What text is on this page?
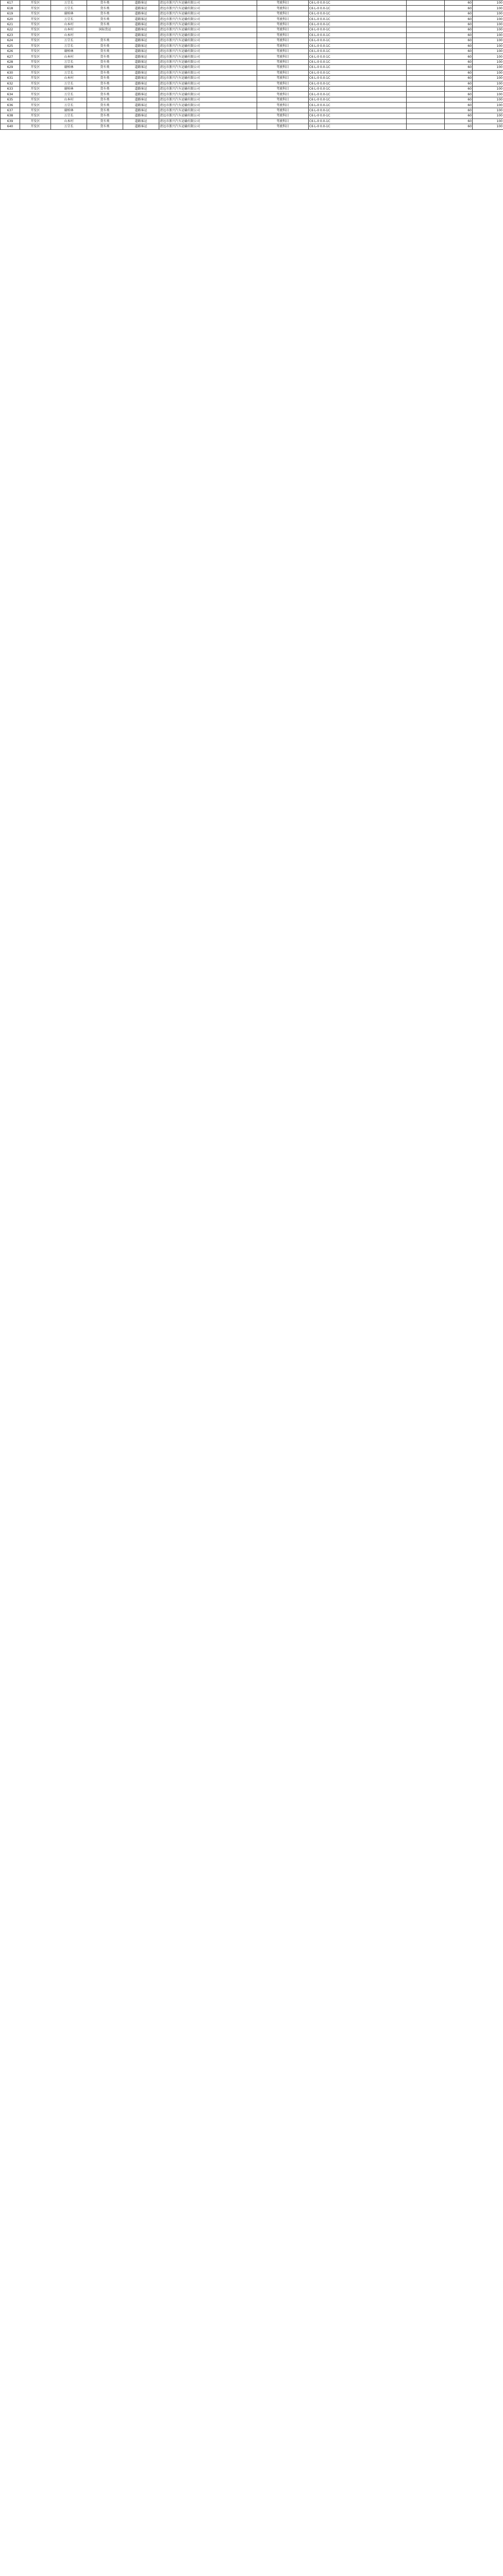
617	开发区	万宗长	货车类	道路客运	清远市浙兴汽车运输有限公司	驾驶科目	C6 L-0 0.0-1C		60	100
618	开发区	万宗长	货车类	道路客运	清远市浙兴汽车运输有限公司	驾驶科目	C6 L-0 0.0-1C		60	100
619	开发区	谢柏林	货车类	道路客运	清远市浙兴汽车运输有限公司	驾驶科目	C6 L-0 0.0-1C		60	100
620	开发区	万宗长	货车类	道路客运	清远市浙兴汽车运输有限公司	驾驶科目	C6 L-0 0.0-1C		60	100
621	开发区	山本村	货车类	道路客运	清远市浙兴汽车运输有限公司	驾驶科目	C6 L-0 0.0-1C		60	100
622	开发区	山本村	国际货运	道路客运	清远市浙兴汽车运输有限公司	驾驶科目	C6 L-0 0.0-1C		60	100
623	开发区	山本村		道路客运	清远市浙兴汽车运输有限公司	驾驶科目	C6 L-0 0.0-1C		60	100
624	开发区	万宗长	货车类	道路客运	清远市浙兴汽车运输有限公司	驾驶科目	C6 L-0 0.0-1C		60	100
625	开发区	万宗长	货车类	道路客运	清远市浙兴汽车运输有限公司	驾驶科目	C6 L-0 0.0-1C		60	100
626	开发区	谢柏林	货车类	道路客运	清远市浙兴汽车运输有限公司	驾驶科目	C6 L-0 0.0-1C		60	100
627	开发区	山本村	货车类	道路客运	清远市浙兴汽车运输有限公司	驾驶科目	C6 L-0 0.0-1C		60	100
628	开发区	万宗长	货车类	道路客运	清远市浙兴汽车运输有限公司	驾驶科目	C6 L-0 0.0-1C		60	100
629	开发区	谢柏林	货车类	道路客运	清远市浙兴汽车运输有限公司	驾驶科目	C6 L-0 0.0-1C		60	100
630	开发区	万宗长	货车类	道路客运	清远市浙兴汽车运输有限公司	驾驶科目	C6 L-0 0.0-1C		60	100
631	开发区	山本村	货车类	道路客运	清远市浙兴汽车运输有限公司	驾驶科目	C6 L-0 0.0-1C		60	100
632	开发区	万宗长	货车类	道路客运	清远市浙兴汽车运输有限公司	驾驶科目	C6 L-0 0.0-1C		60	100
633	开发区	谢柏林	货车类	道路客运	清远市浙兴汽车运输有限公司	驾驶科目	C6 L-0 0.0-1C		60	100
634	开发区	万宗长	货车类	道路客运	清远市浙兴汽车运输有限公司	驾驶科目	C6 L-0 0.0-1C		60	100
635	开发区	山本村	货车类	道路客运	清远市浙兴汽车运输有限公司	驾驶科目	C6 L-0 0.0-1C		60	100
636	开发区	万宗长	货车类	道路客运	清远市浙兴汽车运输有限公司	驾驶科目	C6 L-0 0.0-1C		60	100
637	开发区	谢柏林	货车类	道路客运	清远市浙兴汽车运输有限公司	驾驶科目	C6 L-0 0.0-1C		60	100
638	开发区	万宗长	货车类	道路客运	清远市浙兴汽车运输有限公司	驾驶科目	C6 L-0 0.0-1C		60	100
639	开发区	山本村	货车类	道路客运	清远市浙兴汽车运输有限公司	驾驶科目	C6 L-0 0.0-1C		60	100
640	开发区	万宗长	货车类	道路客运	清远市浙兴汽车运输有限公司	驾驶科目	C6 L-0 0.0-1C		60	100
